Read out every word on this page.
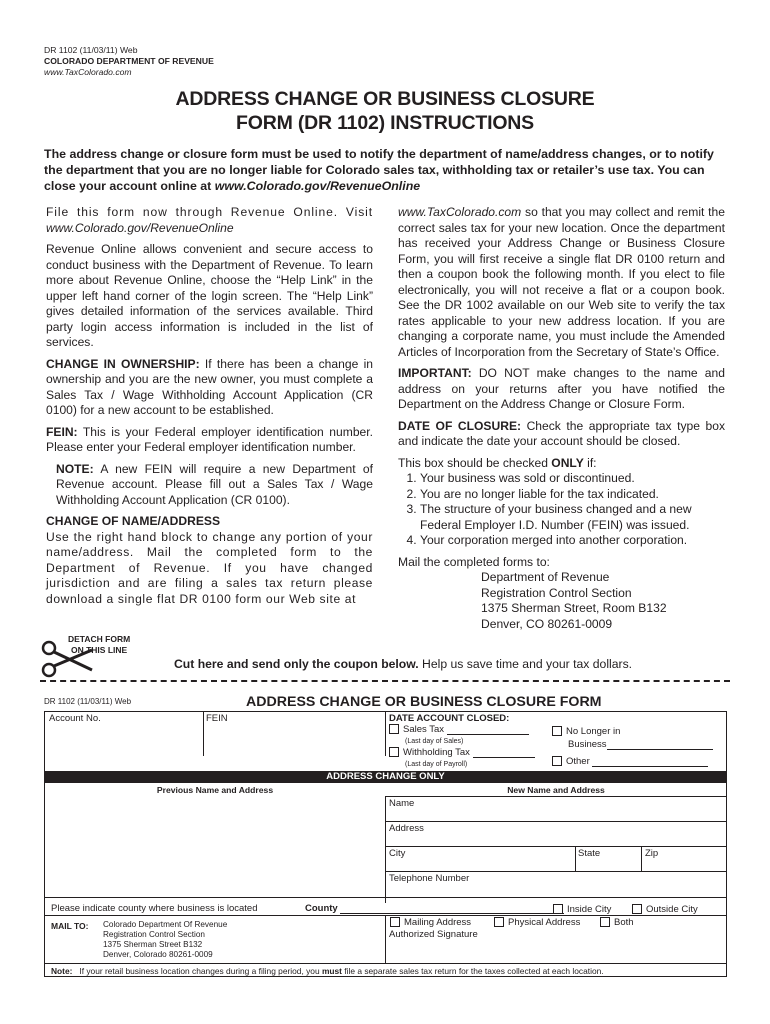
DR 1102 (11/03/11) Web
COLORADO DEPARTMENT OF REVENUE
www.TaxColorado.com
ADDRESS CHANGE OR BUSINESS CLOSURE
FORM (DR 1102) INSTRUCTIONS
The address change or closure form must be used to notify the department of name/address changes, or to notify the department that you are no longer liable for Colorado sales tax, withholding tax or retailer’s use tax. You can close your account online at www.Colorado.gov/RevenueOnline

File this form now through Revenue Online. Visit www.Colorado.gov/RevenueOnline

Revenue Online allows convenient and secure access to conduct business with the Department of Revenue. To learn more about Revenue Online, choose the “Help Link” in the upper left hand corner of the login screen. The “Help Link” gives detailed information of the services available. Third party login access information is included in the list of services.

CHANGE IN OWNERSHIP: If there has been a change in ownership and you are the new owner, you must complete a Sales Tax / Wage Withholding Account Application (CR 0100) for a new account to be established.

FEIN: This is your Federal employer identification number. Please enter your Federal employer identification number.

NOTE: A new FEIN will require a new Department of Revenue account. Please fill out a Sales Tax / Wage Withholding Account Application (CR 0100).

CHANGE OF NAME/ADDRESS

Use the right hand block to change any portion of your name/address. Mail the completed form to the Department of Revenue. If you have changed jurisdiction and are filing a sales tax return please download a single flat DR 0100 form our Web site at

www.TaxColorado.com so that you may collect and remit the correct sales tax for your new location. Once the department has received your Address Change or Business Closure Form, you will first receive a single flat DR 0100 return and then a coupon book the following month. If you elect to file electronically, you will not receive a flat or a coupon book. See the DR 1002 available on our Web site to verify the tax rates applicable to your new address location. If you are changing a corporate name, you must include the Amended Articles of Incorporation from the Secretary of State’s Office.

IMPORTANT: DO NOT make changes to the name and address on your returns after you have notified the Department on the Address Change or Closure Form.

DATE OF CLOSURE: Check the appropriate tax type box and indicate the date your account should be closed.

This box should be checked ONLY if:
1. Your business was sold or discontinued.
2. You are no longer liable for the tax indicated.
3. The structure of your business changed and a new Federal Employer I.D. Number (FEIN) was issued.
4. Your corporation merged into another corporation.
Mail the completed forms to:
Department of Revenue
Registration Control Section
1375 Sherman Street, Room B132
Denver, CO 80261-0009
DETACH FORM
ON THIS LINE
Cut here and send only the coupon below. Help us save time and your tax dollars.
DR 1102 (11/03/11) Web	ADDRESS CHANGE OR BUSINESS CLOSURE FORM
Account No.	FEIN	DATE ACCOUNT CLOSED:
Sales Tax
(Last day of Sales)
Withholding Tax
(Last day of Payroll)
No Longer in
Business
Other
ADDRESS CHANGE ONLY
Previous Name and Address	New Name and Address
Name
Address
City	State	Zip
Telephone Number
Please indicate county where business is located	County	Inside City	Outside City
MAIL TO: Colorado Department Of Revenue
Registration Control Section
1375 Sherman Street B132
Denver, Colorado 80261-0009
Mailing Address	Physical Address	Both
Authorized Signature
Note: If your retail business location changes during a filing period, you must file a separate sales tax return for the taxes collected at each location.
